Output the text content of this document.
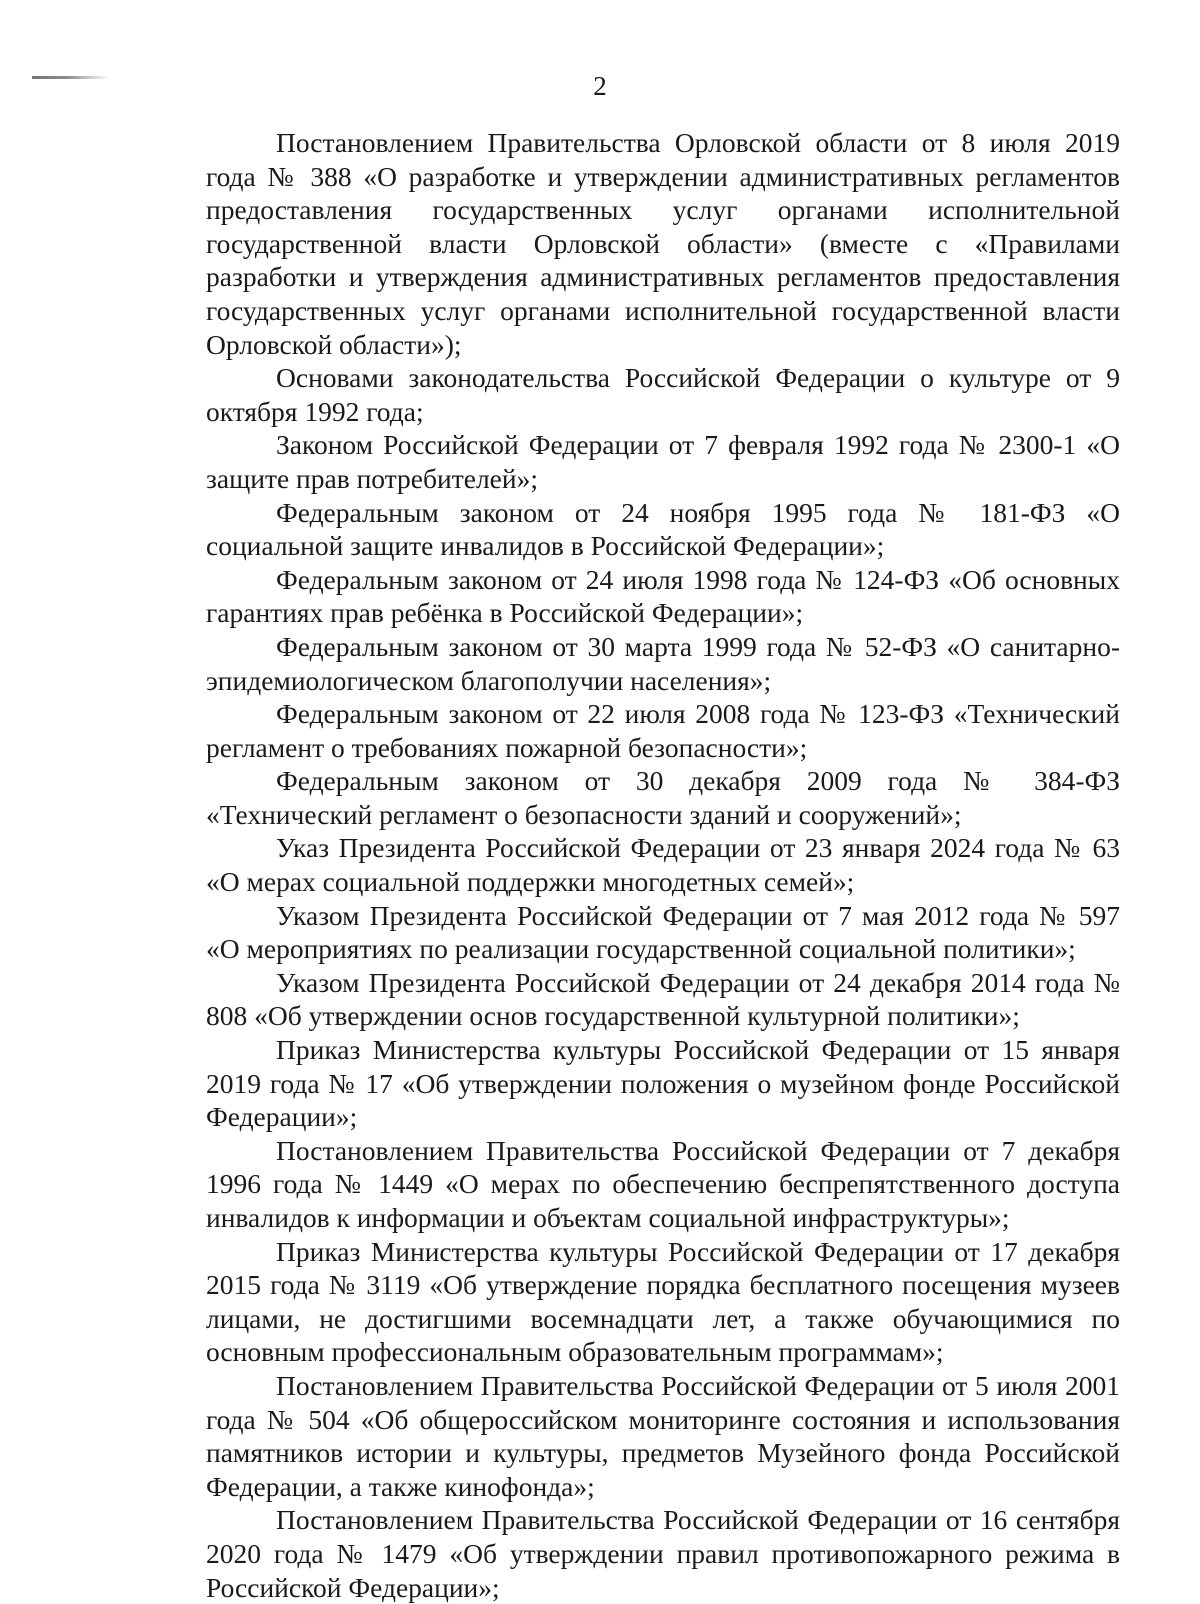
2

Постановлением Правительства Орловской области от 8 июля 2019 года № 388 «О разработке и утверждении административных регламентов предоставления государственных услуг органами исполнительной государственной власти Орловской области» (вместе с «Правилами разработки и утверждения административных регламентов предоставления государственных услуг органами исполнительной государственной власти Орловской области»);

Основами законодательства Российской Федерации о культуре от 9 октября 1992 года;

Законом Российской Федерации от 7 февраля 1992 года № 2300-1 «О защите прав потребителей»;

Федеральным законом от 24 ноября 1995 года № 181-ФЗ «О социальной защите инвалидов в Российской Федерации»;

Федеральным законом от 24 июля 1998 года № 124-ФЗ «Об основных гарантиях прав ребёнка в Российской Федерации»;

Федеральным законом от 30 марта 1999 года № 52-ФЗ «О санитарно-эпидемиологическом благополучии населения»;

Федеральным законом от 22 июля 2008 года № 123-ФЗ «Технический регламент о требованиях пожарной безопасности»;

Федеральным законом от 30 декабря 2009 года № 384-ФЗ «Технический регламент о безопасности зданий и сооружений»;

Указ Президента Российской Федерации от 23 января 2024 года № 63 «О мерах социальной поддержки многодетных семей»;

Указом Президента Российской Федерации от 7 мая 2012 года № 597 «О мероприятиях по реализации государственной социальной политики»;

Указом Президента Российской Федерации от 24 декабря 2014 года № 808 «Об утверждении основ государственной культурной политики»;

Приказ Министерства культуры Российской Федерации от 15 января 2019 года № 17 «Об утверждении положения о музейном фонде Российской Федерации»;

Постановлением Правительства Российской Федерации от 7 декабря 1996 года № 1449 «О мерах по обеспечению беспрепятственного доступа инвалидов к информации и объектам социальной инфраструктуры»;

Приказ Министерства культуры Российской Федерации от 17 декабря 2015 года № 3119 «Об утверждение порядка бесплатного посещения музеев лицами, не достигшими восемнадцати лет, а также обучающимися по основным профессиональным образовательным программам»;

Постановлением Правительства Российской Федерации от 5 июля 2001 года № 504 «Об общероссийском мониторинге состояния и использования памятников истории и культуры, предметов Музейного фонда Российской Федерации, а также кинофонда»;

Постановлением Правительства Российской Федерации от 16 сентября 2020 года № 1479 «Об утверждении правил противопожарного режима в Российской Федерации»;
